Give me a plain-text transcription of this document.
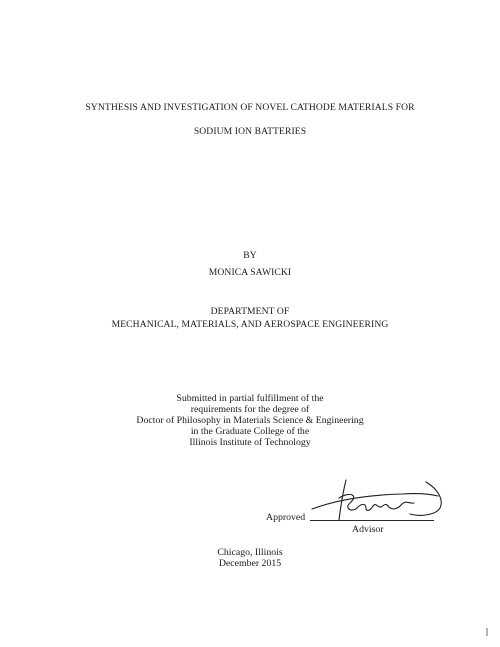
SYNTHESIS AND INVESTIGATION OF NOVEL CATHODE MATERIALS FOR
SODIUM ION BATTERIES
BY
MONICA SAWICKI
DEPARTMENT OF
MECHANICAL, MATERIALS, AND AEROSPACE ENGINEERING
Submitted in partial fulfillment of the
requirements for the degree of
Doctor of Philosophy in Materials Science & Engineering
in the Graduate College of the
Illinois Institute of Technology
Approved
Advisor
Chicago, Illinois
December 2015
